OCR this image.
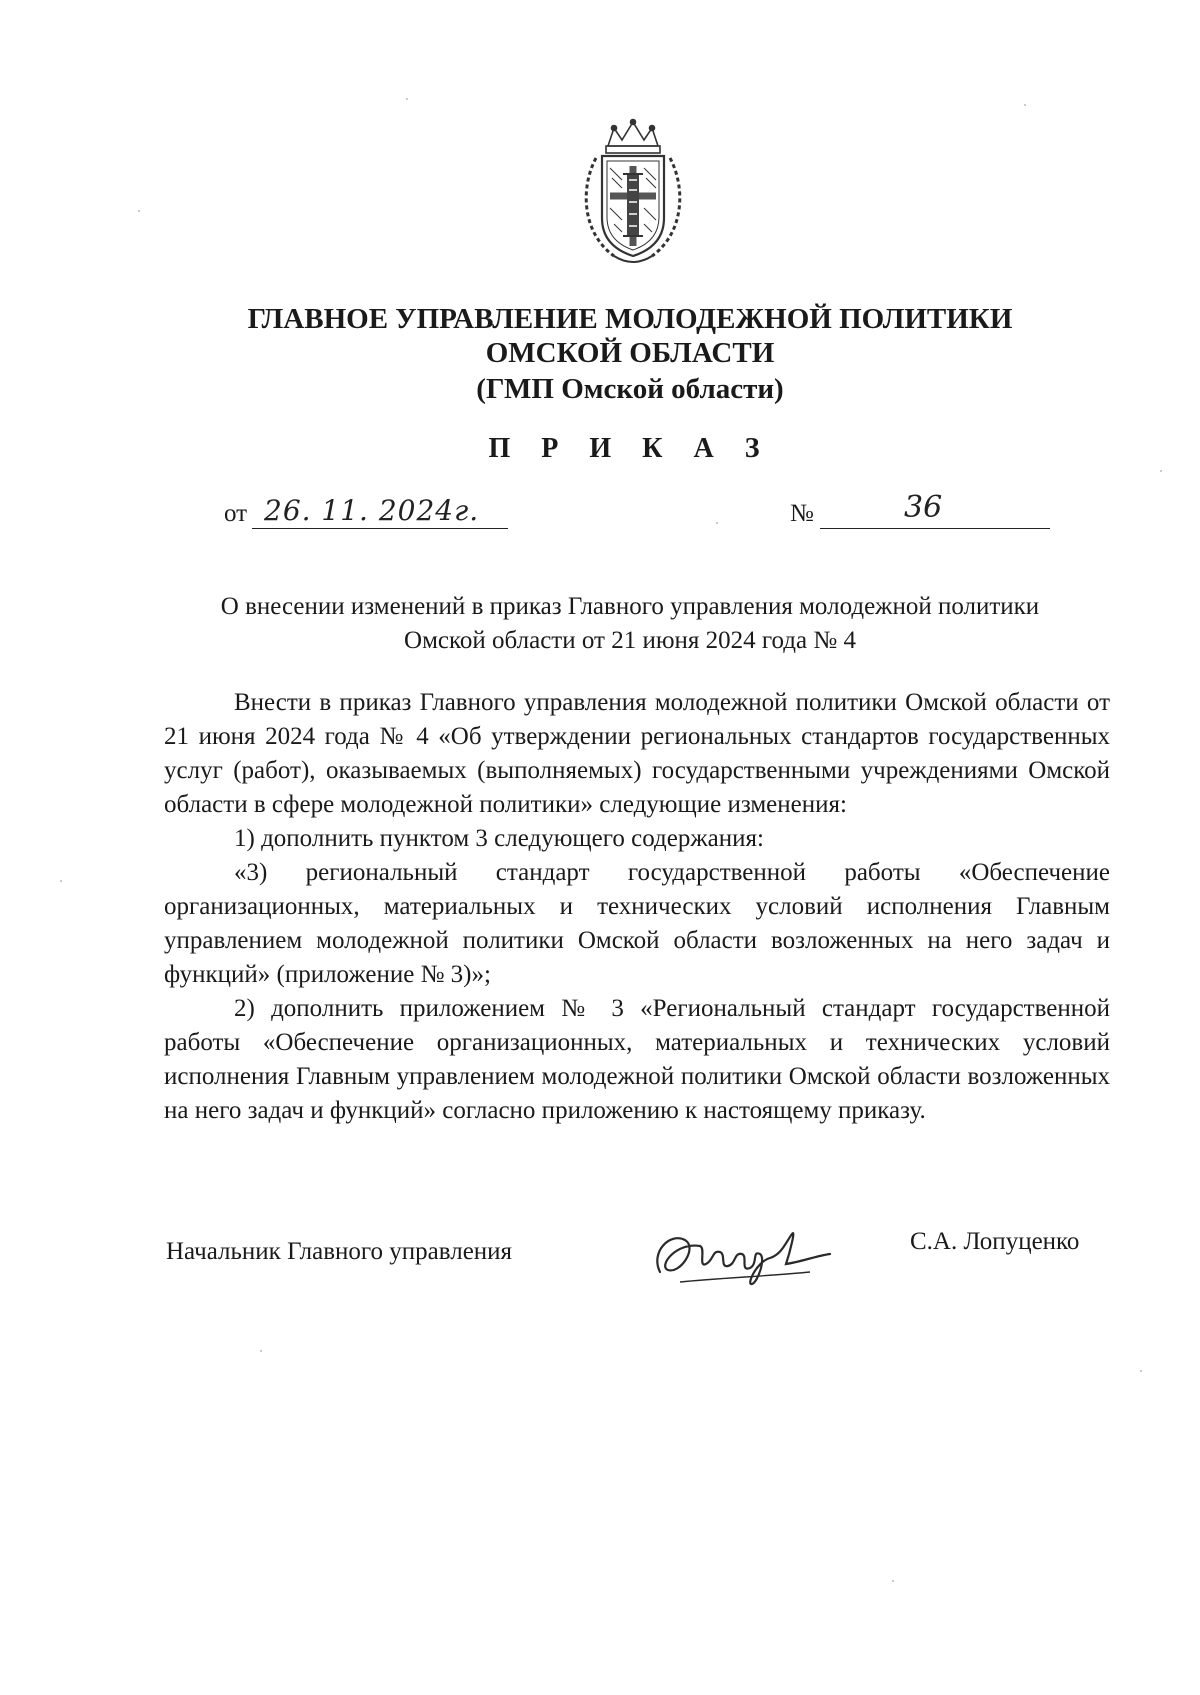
ГЛАВНОЕ УПРАВЛЕНИЕ МОЛОДЕЖНОЙ ПОЛИТИКИ
ОМСКОЙ ОБЛАСТИ
(ГМП Омской области)
П Р И К А З
от 26. 11. 2024г.	№	36
О внесении изменений в приказ Главного управления молодежной политики
Омской области от 21 июня 2024 года № 4

Внести в приказ Главного управления молодежной политики Омской области от 21 июня 2024 года № 4 «Об утверждении региональных стандартов государственных услуг (работ), оказываемых (выполняемых) государственными учреждениями Омской области в сфере молодежной политики» следующие изменения:

1) дополнить пунктом 3 следующего содержания:

«3) региональный стандарт государственной работы «Обеспечение организационных, материальных и технических условий исполнения Главным управлением молодежной политики Омской области возложенных на него задач и функций» (приложение № 3)»;

2) дополнить приложением № 3 «Региональный стандарт государственной работы «Обеспечение организационных, материальных и технических условий исполнения Главным управлением молодежной политики Омской области возложенных на него задач и функций» согласно приложению к настоящему приказу.

Начальник Главного управления	С.А. Лопуценко
